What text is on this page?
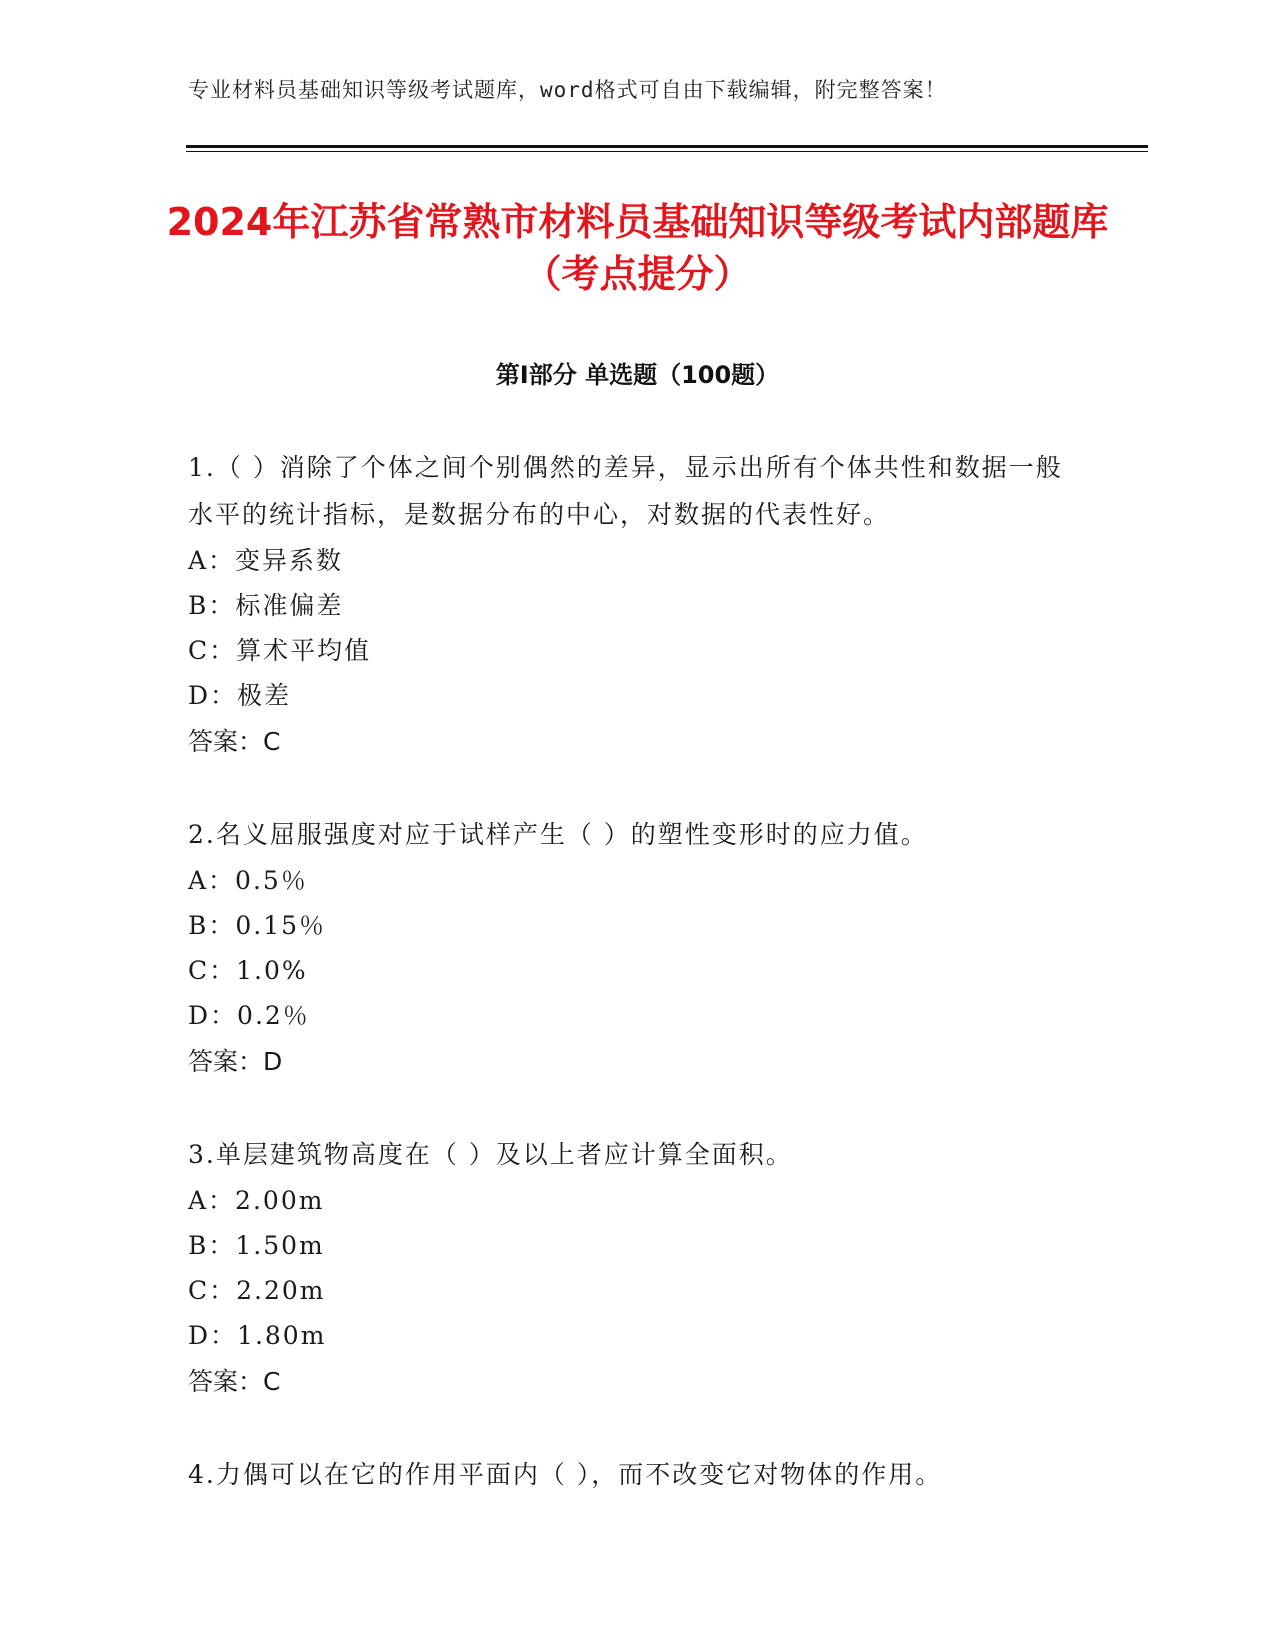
专业材料员基础知识等级考试题库，word格式可自由下载编辑，附完整答案！
2024年江苏省常熟市材料员基础知识等级考试内部题库（考点提分）
第I部分 单选题（100题）

1.（ ）消除了个体之间个别偶然的差异，显示出所有个体共性和数据一般水平的统计指标，是数据分布的中心，对数据的代表性好。

A：变异系数

B：标准偏差

C：算术平均值

D：极差

答案：C

2.名义屈服强度对应于试样产生（ ）的塑性变形时的应力值。

A：0.5％

B：0.15％

C：1.0%

D：0.2％

答案：D

3.单层建筑物高度在（ ）及以上者应计算全面积。

A：2.00m

B：1.50m

C：2.20m

D：1.80m

答案：C

4.力偶可以在它的作用平面内（ ），而不改变它对物体的作用。
